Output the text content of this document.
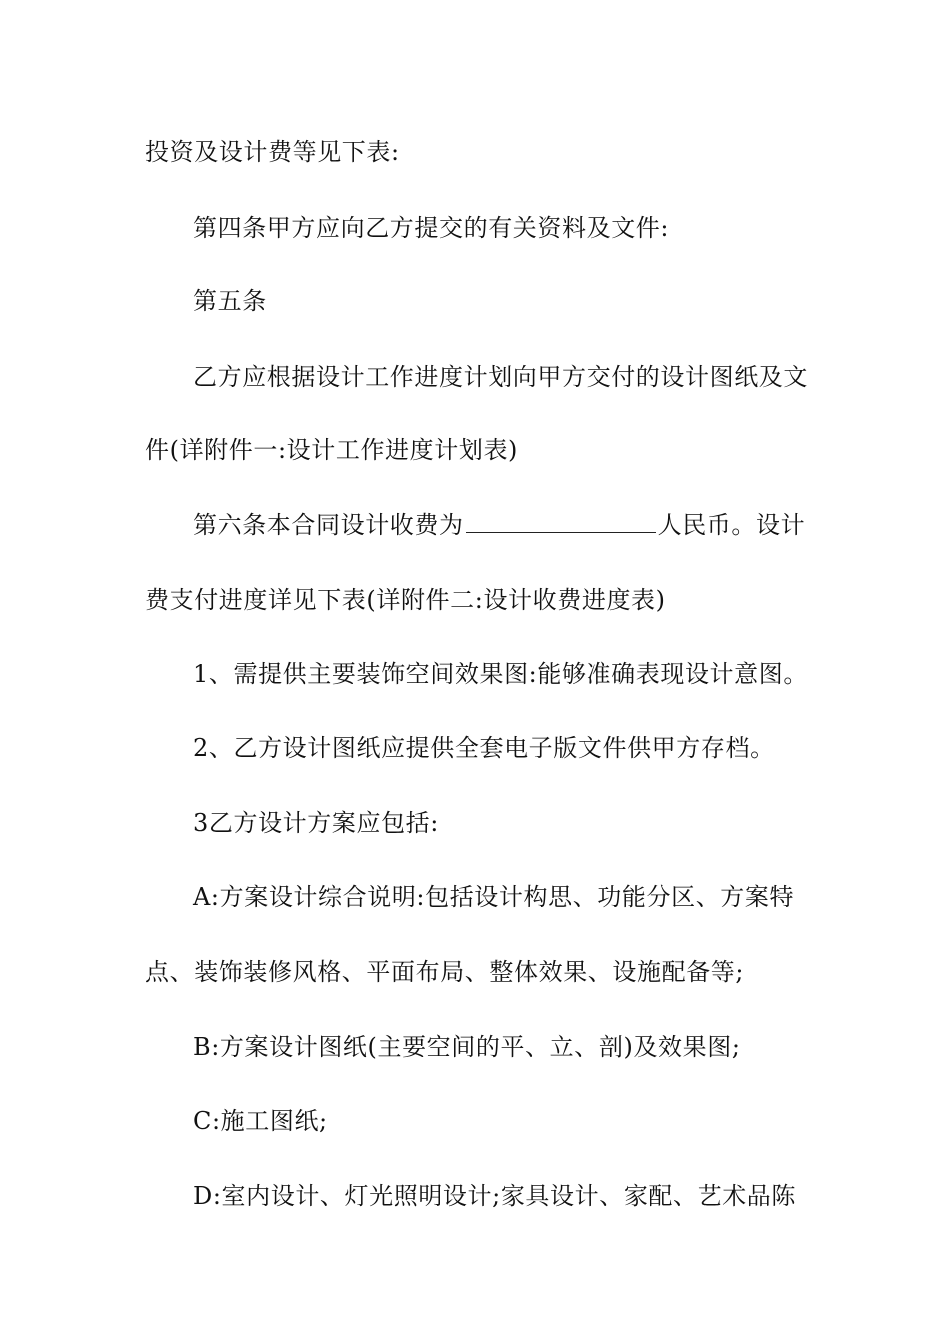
投资及设计费等见下表:
第四条甲方应向乙方提交的有关资料及文件:
第五条
乙方应根据设计工作进度计划向甲方交付的设计图纸及文
件(详附件一:设计工作进度计划表)
第六条本合同设计收费为	人民币。设计
费支付进度详见下表(详附件二:设计收费进度表)
1、需提供主要装饰空间效果图:能够准确表现设计意图。
2、乙方设计图纸应提供全套电子版文件供甲方存档。
3乙方设计方案应包括:
A:方案设计综合说明:包括设计构思、功能分区、方案特
点、装饰装修风格、平面布局、整体效果、设施配备等;
B:方案设计图纸(主要空间的平、立、剖)及效果图;
C:施工图纸;
D:室内设计、灯光照明设计;家具设计、家配、艺术品陈
